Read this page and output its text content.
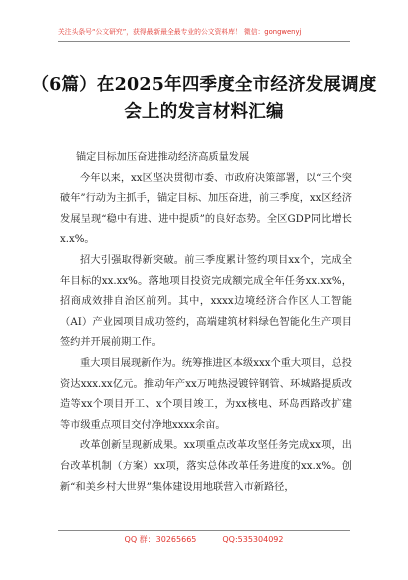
关注头条号“公文研究”，获得最新最全最专业的公文资料库！ 微信：gongwenyj
（6篇）在2025年四季度全市经济发展调度会上的发言材料汇编

锚定目标加压奋进推动经济高质量发展

今年以来，xx区坚决贯彻市委、市政府决策部署，以“三个突破年”行动为主抓手，锚定目标、加压奋进，前三季度，xx区经济发展呈现“稳中有进、进中提质”的良好态势。全区GDP同比增长x.x%。

招大引强取得新突破。前三季度累计签约项目xx个，完成全年目标的xx.xx%。落地项目投资完成额完成全年任务xx.xx%，招商成效排自治区前列。其中，xxxx边境经济合作区人工智能（AI）产业园项目成功签约，高端建筑材料绿色智能化生产项目签约并开展前期工作。

重大项目展现新作为。统筹推进区本级xxx个重大项目，总投资达xxx.xx亿元。推动年产xx万吨热浸镀锌钢管、环城路提质改造等xx个项目开工、x个项目竣工，为xx核电、环岛西路改扩建等市级重点项目交付净地xxxx余亩。

改革创新呈现新成果。xx项重点改革攻坚任务完成xx项，出台改革机制（方案）xx项，落实总体改革任务进度的xx.x%。创新“和美乡村大世界”集体建设用地联营入市新路径，

QQ 群：30265665	QQ:535304092
